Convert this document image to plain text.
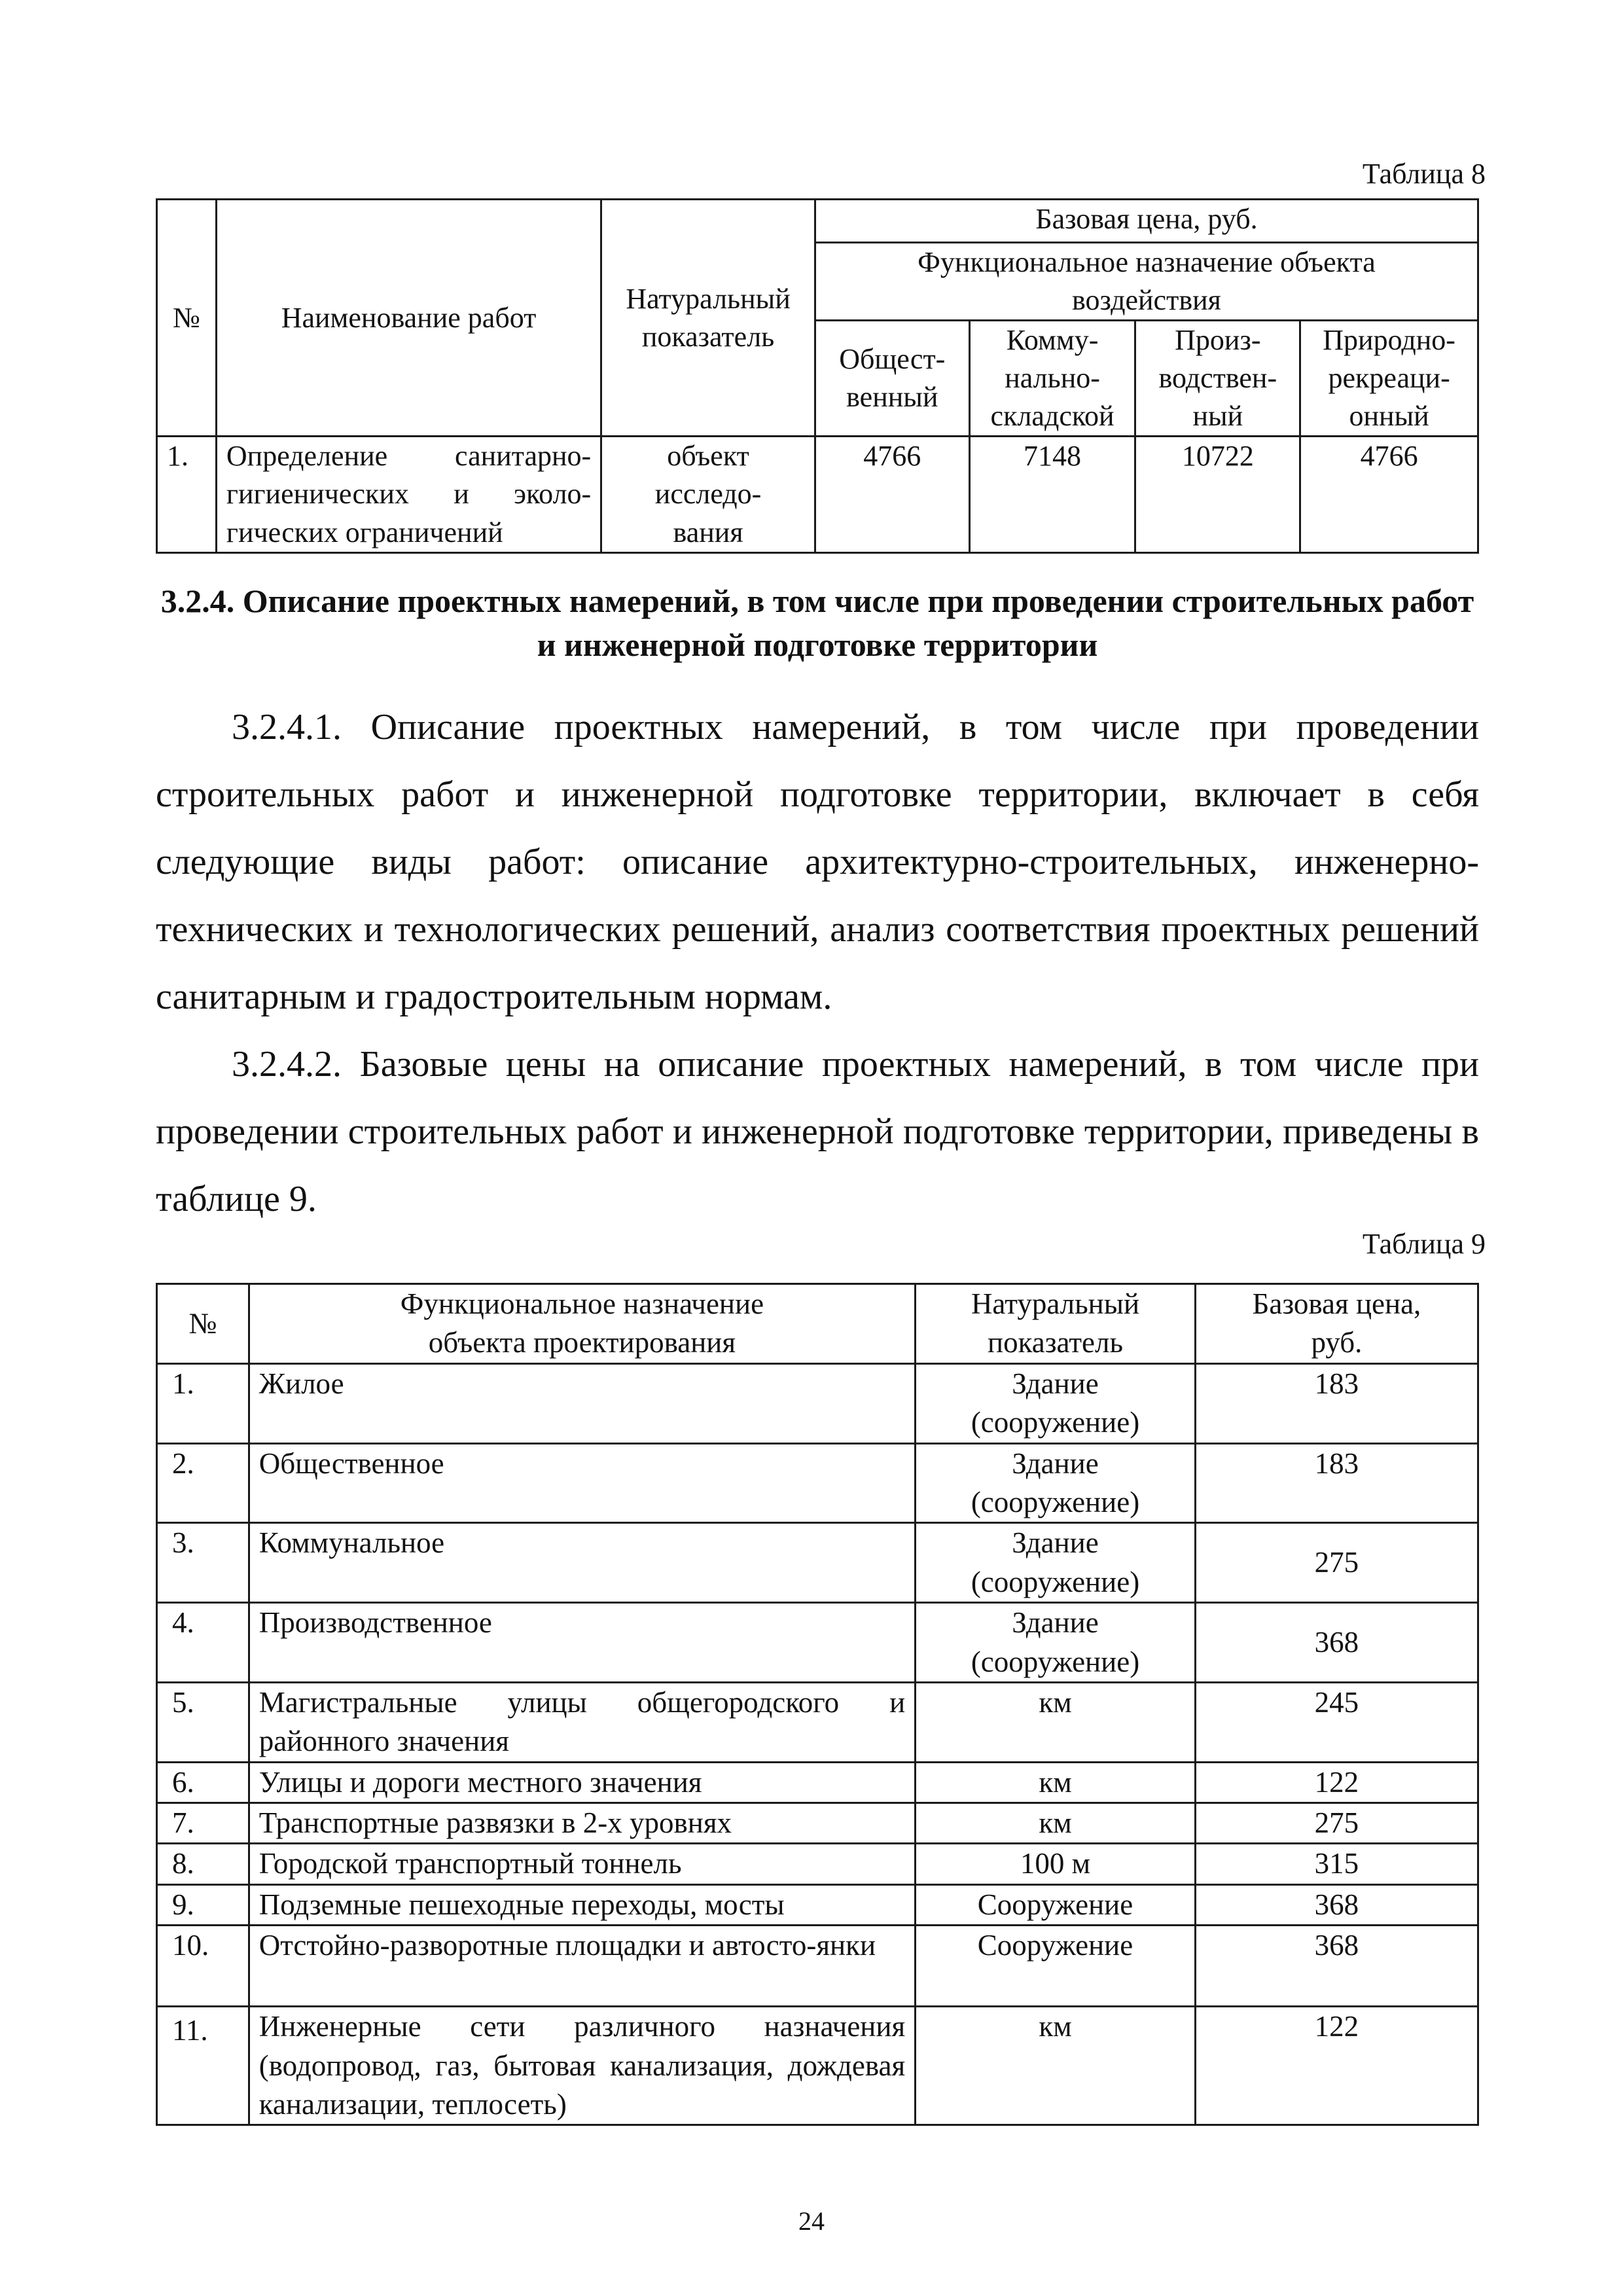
Таблица 8
№	Наименование работ	Натуральный показатель	Базовая цена, руб.			
			Функциональное назначение объекта воздействия			
			Общест-венный	Комму-нально-складской	Произ-водствен-ный	Природно-рекреаци-онный
1.	Определение санитарно-гигиенических и эколо-гических ограничений	объект исследо-вания	4766	7148	10722	4766
3.2.4. Описание проектных намерений, в том числе при проведении строительных работ и инженерной подготовке территории

3.2.4.1. Описание проектных намерений, в том числе при проведении строительных работ и инженерной подготовке территории, включает в себя следующие виды работ: описание архитектурно-строительных, инженерно-технических и технологических решений, анализ соответствия проектных решений санитарным и градостроительным нормам.

3.2.4.2. Базовые цены на описание проектных намерений, в том числе при проведении строительных работ и инженерной подготовке территории, приведены в таблице 9.

Таблица 9
№	Функциональное назначение объекта проектирования	Натуральный показатель	Базовая цена, руб.
1.	Жилое	Здание (сооружение)	183
2.	Общественное	Здание (сооружение)	183
3.	Коммунальное	Здание (сооружение)	275
4.	Производственное	Здание (сооружение)	368
5.	Магистральные улицы общегородского и районного значения	км	245
6.	Улицы и дороги местного значения	км	122
7.	Транспортные развязки в 2-х уровнях	км	275
8.	Городской транспортный тоннель	100 м	315
9.	Подземные пешеходные переходы, мосты	Сооружение	368
10.	Отстойно-разворотные площадки и автосто-янки	Сооружение	368
11.	Инженерные сети различного назначения (водопровод, газ, бытовая канализация, дождевая канализации, теплосеть)	км	122
24
